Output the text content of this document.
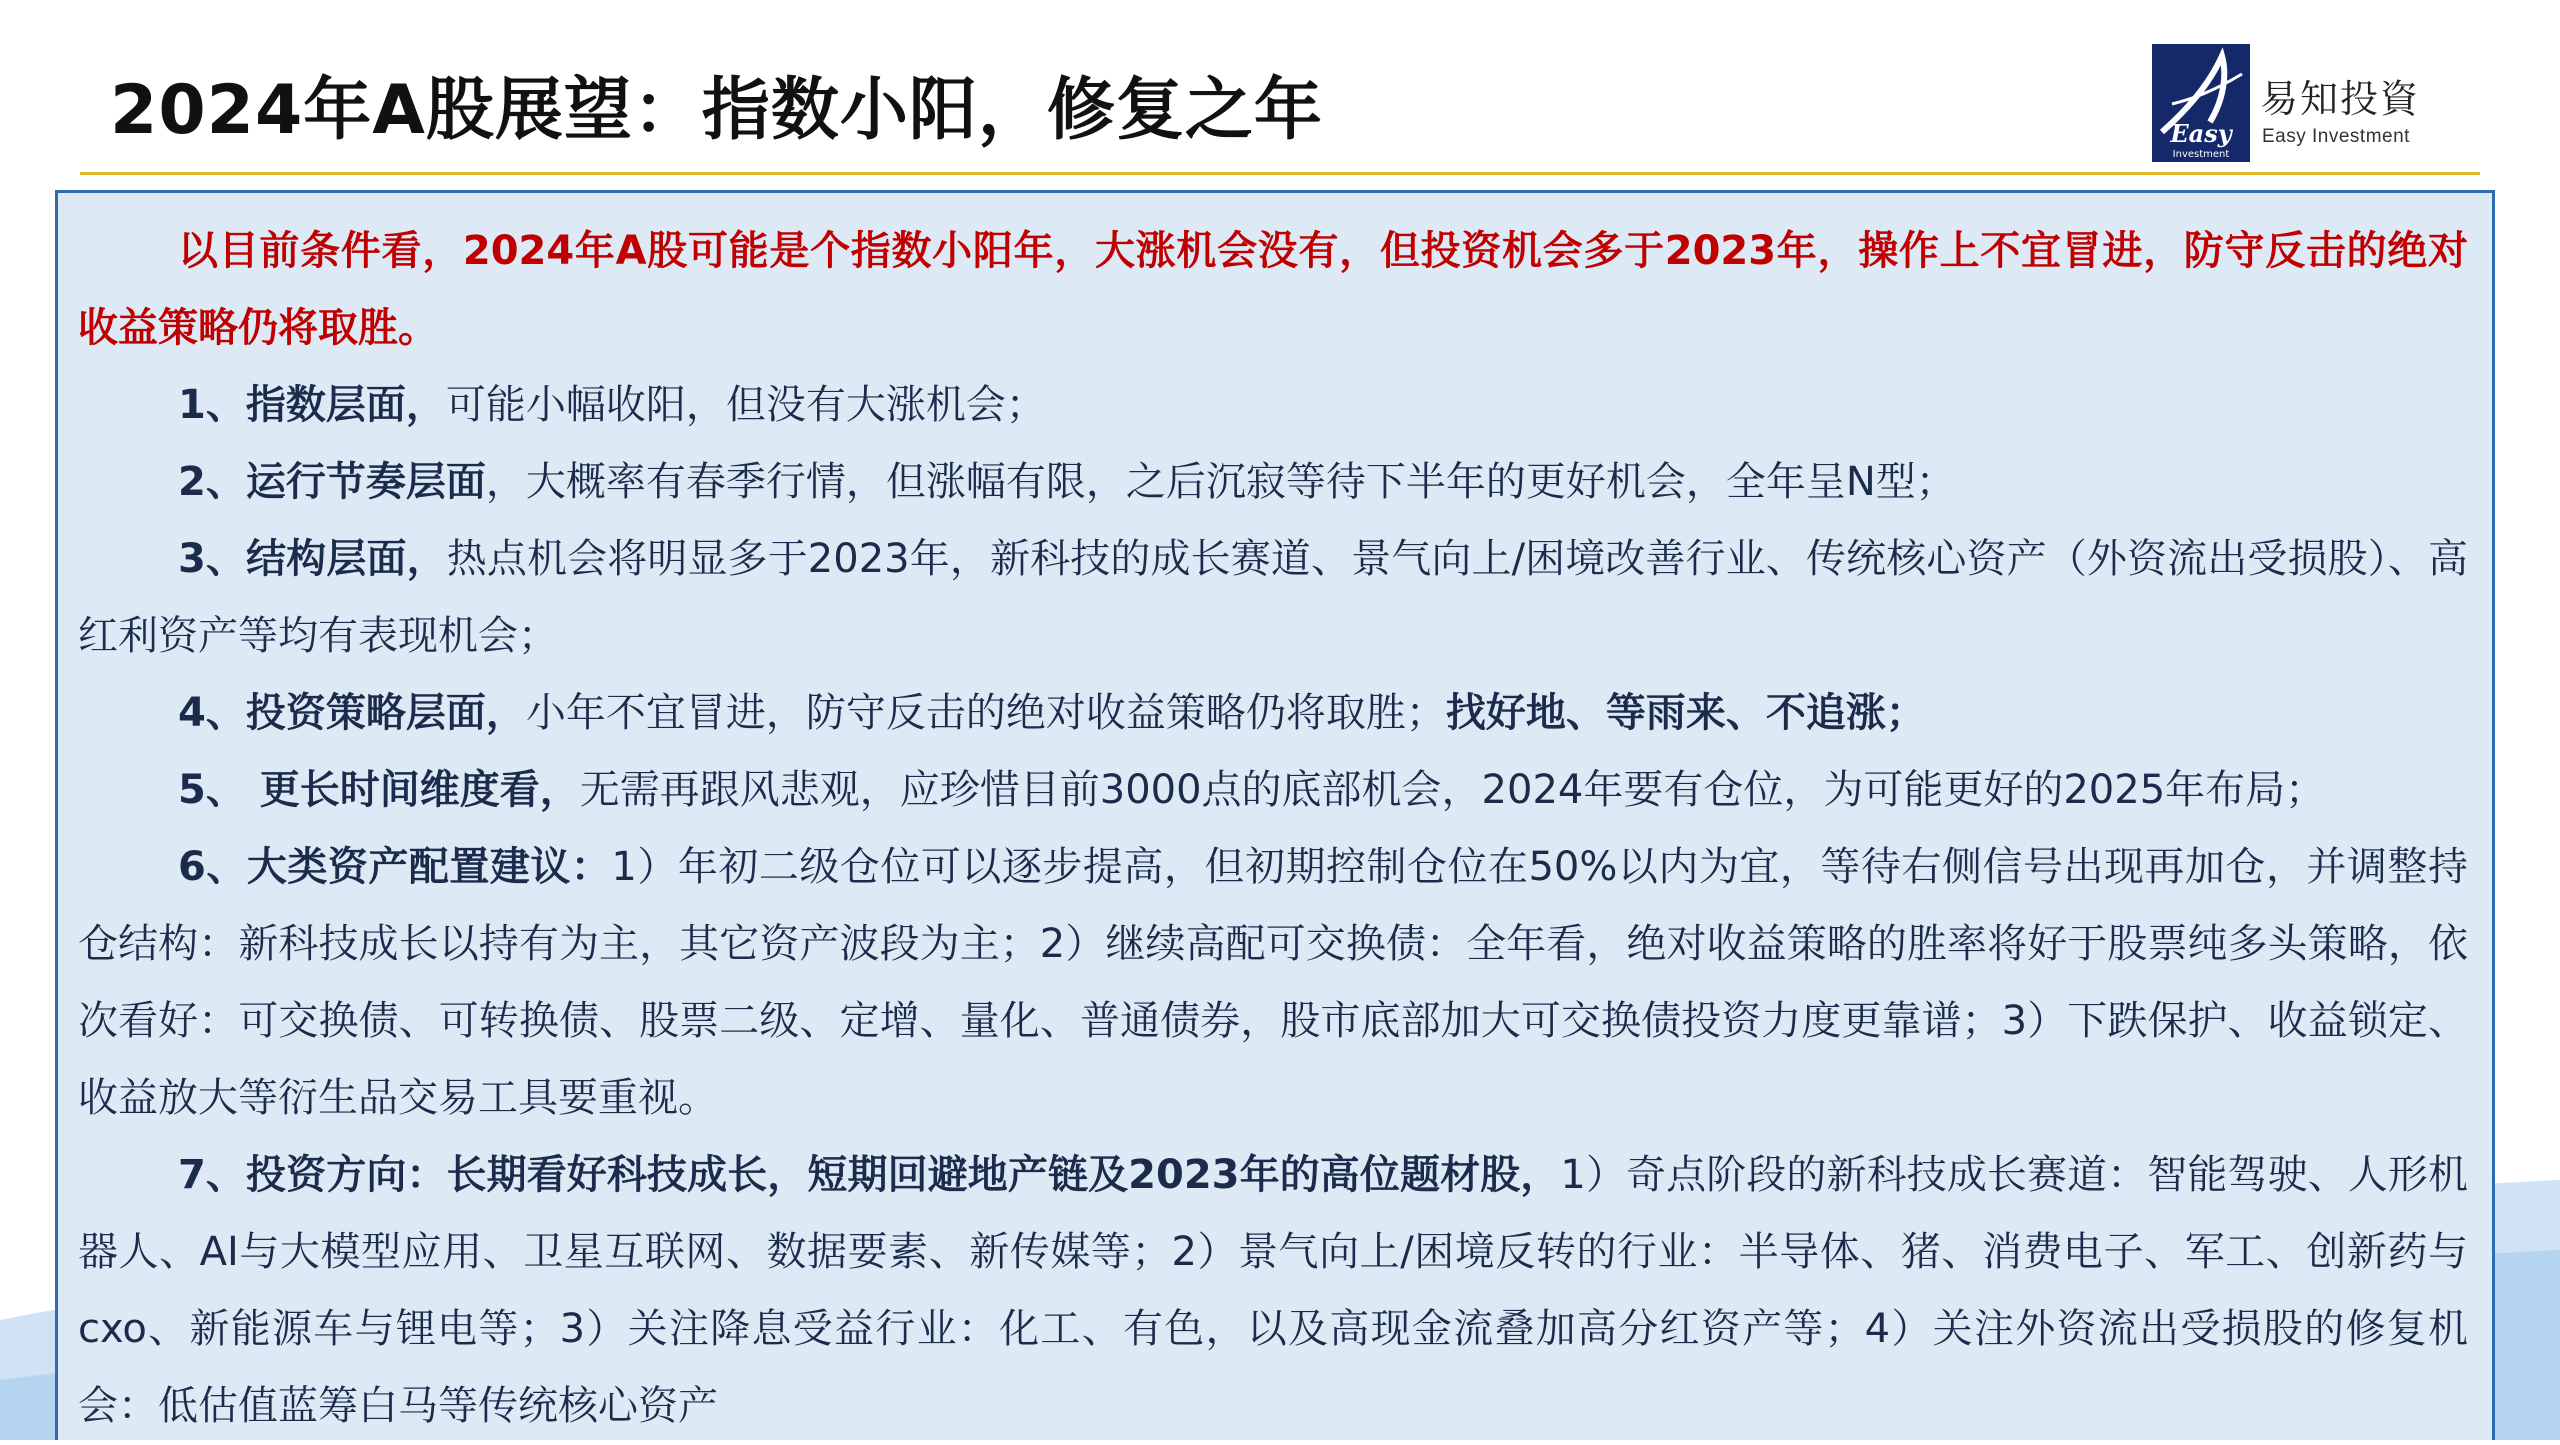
2024年A股展望：指数小阳，修复之年	Easy
Investment
易知投資
Easy Investment

以目前条件看，2024年A股可能是个指数小阳年，大涨机会没有，但投资机会多于2023年，操作上不宜冒进，防守反击的绝对收益策略仍将取胜。

1、指数层面，可能小幅收阳，但没有大涨机会；

2、运行节奏层面，大概率有春季行情，但涨幅有限，之后沉寂等待下半年的更好机会，全年呈N型；

3、结构层面，热点机会将明显多于2023年，新科技的成长赛道、景气向上/困境改善行业、传统核心资产（外资流出受损股）、高红利资产等均有表现机会；

4、投资策略层面，小年不宜冒进，防守反击的绝对收益策略仍将取胜；找好地、等雨来、不追涨；

5、 更长时间维度看，无需再跟风悲观，应珍惜目前3000点的底部机会，2024年要有仓位，为可能更好的2025年布局；

6、大类资产配置建议：1）年初二级仓位可以逐步提高，但初期控制仓位在50%以内为宜，等待右侧信号出现再加仓，并调整持仓结构：新科技成长以持有为主，其它资产波段为主；2）继续高配可交换债：全年看，绝对收益策略的胜率将好于股票纯多头策略，依次看好：可交换债、可转换债、股票二级、定增、量化、普通债券，股市底部加大可交换债投资力度更靠谱；3）下跌保护、收益锁定、收益放大等衍生品交易工具要重视。

7、投资方向：长期看好科技成长，短期回避地产链及2023年的高位题材股，1）奇点阶段的新科技成长赛道：智能驾驶、人形机器人、AI与大模型应用、卫星互联网、数据要素、新传媒等；2）景气向上/困境反转的行业：半导体、猪、消费电子、军工、创新药与cxo、新能源车与锂电等；3）关注降息受益行业：化工、有色，以及高现金流叠加高分红资产等；4）关注外资流出受损股的修复机会：低估值蓝筹白马等传统核心资产
